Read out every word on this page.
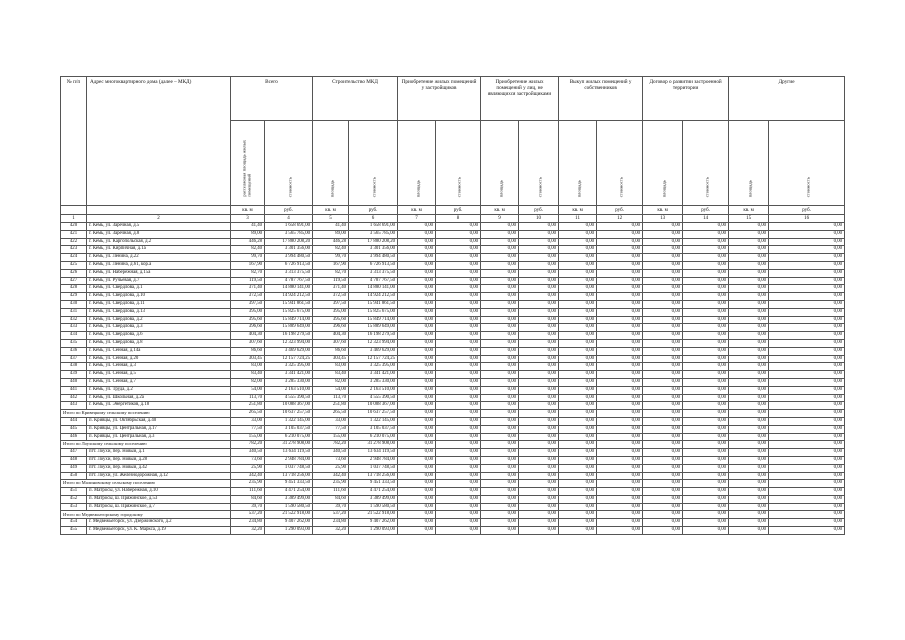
№ п/п	Адрес многоквартирного дома (далее – МКД)	Всего		Строительство МКД		Приобретение жилых помещений у застройщиков		Приобретение жилых помещений у лиц, не являющихся застройщиками		Выкуп жилых помещений у собственников		Договор о развитии застроенной территории		Другие	

		расселяемая площадь жилых помещений	стоимость	площадь	стоимость	площадь	стоимость	площадь	стоимость	площадь	стоимость	площадь	стоимость	площадь	стоимость

		кв. м	руб.	кв. м	руб.	кв. м	руб.	кв. м	руб.	кв. м	руб.	кв. м	руб.	кв. м	руб.
1	2	3	4	5	6	7	8	9	10	11	12	13	14	15	16
420	г. Кемь, ул. Заречная, д.5	41,40	1 658 691,00	41,40	1 658 691,00	0,00	0,00	0,00	0,00	0,00	0,00	0,00	0,00	0,00	0,00
421	г. Кемь, ул. Заречная, д.8	89,00	3 565 785,00	89,00	3 565 785,00	0,00	0,00	0,00	0,00	0,00	0,00	0,00	0,00	0,00	0,00
422	г. Кемь, ул. Каргопольская, д.2	446,28	17 880 208,20	446,28	17 880 208,20	0,00	0,00	0,00	0,00	0,00	0,00	0,00	0,00	0,00	0,00
423	г. Кемь, ул. Кирпичная, д.1а	82,40	3 301 356,00	82,40	3 301 356,00	0,00	0,00	0,00	0,00	0,00	0,00	0,00	0,00	0,00	0,00
424	г. Кемь, ул. Ленина, д.22	99,70	3 994 480,50	99,70	3 994 480,50	0,00	0,00	0,00	0,00	0,00	0,00	0,00	0,00	0,00	0,00
425	г. Кемь, ул. Ленина, д.61, кор.а	167,90	6 726 913,50	167,90	6 726 913,50	0,00	0,00	0,00	0,00	0,00	0,00	0,00	0,00	0,00	0,00
426	г. Кемь, ул. Набережная, д.15а	82,70	3 313 375,50	82,70	3 313 375,50	0,00	0,00	0,00	0,00	0,00	0,00	0,00	0,00	0,00	0,00
427	г. Кемь, ул. Ручьевая, д.7	119,50	4 787 767,50	119,50	4 787 767,50	0,00	0,00	0,00	0,00	0,00	0,00	0,00	0,00	0,00	0,00
428	г. Кемь, ул. Свердлова, д.1	371,40	14 880 141,00	371,40	14 880 141,00	0,00	0,00	0,00	0,00	0,00	0,00	0,00	0,00	0,00	0,00
429	г. Кемь, ул. Свердлова, д.10	372,50	14 924 212,50	372,50	14 924 212,50	0,00	0,00	0,00	0,00	0,00	0,00	0,00	0,00	0,00	0,00
430	г. Кемь, ул. Свердлова, д.11	397,50	15 941 861,50	397,50	15 941 861,50	0,00	0,00	0,00	0,00	0,00	0,00	0,00	0,00	0,00	0,00
431	г. Кемь, ул. Свердлова, д.13	395,00	15 825 675,00	395,00	15 825 675,00	0,00	0,00	0,00	0,00	0,00	0,00	0,00	0,00	0,00	0,00
432	г. Кемь, ул. Свердлова, д.2	395,60	15 849 714,00	395,60	15 849 714,00	0,00	0,00	0,00	0,00	0,00	0,00	0,00	0,00	0,00	0,00
433	г. Кемь, ул. Свердлова, д.3	396,60	15 889 649,00	396,60	15 889 649,00	0,00	0,00	0,00	0,00	0,00	0,00	0,00	0,00	0,00	0,00
434	г. Кемь, ул. Свердлова, д.6	404,30	16 198 279,50	404,30	16 198 279,50	0,00	0,00	0,00	0,00	0,00	0,00	0,00	0,00	0,00	0,00
435	г. Кемь, ул. Свердлова, д.8	307,60	12 323 994,00	307,60	12 323 994,00	0,00	0,00	0,00	0,00	0,00	0,00	0,00	0,00	0,00	0,00
436	г. Кемь, ул. Сенная, д.14а	86,60	3 469 629,00	86,60	3 469 629,00	0,00	0,00	0,00	0,00	0,00	0,00	0,00	0,00	0,00	0,00
437	г. Кемь, ул. Сенная, д.20	303,45	12 157 724,25	303,45	12 157 724,25	0,00	0,00	0,00	0,00	0,00	0,00	0,00	0,00	0,00	0,00
438	г. Кемь, ул. Сенная, д.3	83,00	3 325 395,00	83,00	3 325 395,00	0,00	0,00	0,00	0,00	0,00	0,00	0,00	0,00	0,00	0,00
439	г. Кемь, ул. Сенная, д.5	83,40	3 341 421,00	83,40	3 341 421,00	0,00	0,00	0,00	0,00	0,00	0,00	0,00	0,00	0,00	0,00
440	г. Кемь, ул. Сенная, д.7	82,00	3 285 330,00	82,00	3 285 330,00	0,00	0,00	0,00	0,00	0,00	0,00	0,00	0,00	0,00	0,00
441	г. Кемь, ул. Труда, д.2	54,00	2 163 510,00	54,00	2 163 510,00	0,00	0,00	0,00	0,00	0,00	0,00	0,00	0,00	0,00	0,00
442	г. Кемь, ул. Школьная, д.2а	113,70	4 555 390,50	113,70	4 555 390,50	0,00	0,00	0,00	0,00	0,00	0,00	0,00	0,00	0,00	0,00
443	г. Кемь, ул. Энергетиков, д.18	251,80	10 088 367,00	251,80	10 088 367,00	0,00	0,00	0,00	0,00	0,00	0,00	0,00	0,00	0,00	0,00
Итого по Кривецкому сельскому поселению		265,50	10 637 257,50	265,50	10 637 257,50	0,00	0,00	0,00	0,00	0,00	0,00	0,00	0,00	0,00	0,00
444	п. Кривцы, ул. Октябрьская, д.40	33,00	1 322 145,00	33,00	1 322 145,00	0,00	0,00	0,00	0,00	0,00	0,00	0,00	0,00	0,00	0,00
445	п. Кривцы, ул. Центральная, д.17	77,50	3 105 037,50	77,50	3 105 037,50	0,00	0,00	0,00	0,00	0,00	0,00	0,00	0,00	0,00	0,00
446	п. Кривцы, ул. Центральная, д.3	155,00	6 210 075,00	155,00	6 210 075,00	0,00	0,00	0,00	0,00	0,00	0,00	0,00	0,00	0,00	0,00
Итого по Лоухскому сельскому поселению		782,20	31 278 908,00	782,20	31 278 908,00	0,00	0,00	0,00	0,00	0,00	0,00	0,00	0,00	0,00	0,00
447	пгт. Лоухи, пер. Новый, д.1	340,50	13 634 119,50	340,50	13 634 119,50	0,00	0,00	0,00	0,00	0,00	0,00	0,00	0,00	0,00	0,00
448	пгт. Лоухи, пер. Новый, д.28	73,60	2 948 784,00	73,60	2 948 784,00	0,00	0,00	0,00	0,00	0,00	0,00	0,00	0,00	0,00	0,00
449	пгт. Лоухи, пер. Новый, д.42	25,90	1 037 748,50	25,90	1 037 748,50	0,00	0,00	0,00	0,00	0,00	0,00	0,00	0,00	0,00	0,00
450	пгт. Лоухи, ул. Железнодорожная, д.12	342,40	13 718 256,00	342,40	13 718 256,00	0,00	0,00	0,00	0,00	0,00	0,00	0,00	0,00	0,00	0,00
Итого по Малиновскому сельскому поселению		235,90	9 451 333,50	235,90	9 451 333,50	0,00	0,00	0,00	0,00	0,00	0,00	0,00	0,00	0,00	0,00
451	п. Матросы, ул. Набережная, д.10	111,60	4 471 254,00	111,60	4 471 254,00	0,00	0,00	0,00	0,00	0,00	0,00	0,00	0,00	0,00	0,00
452	п. Матросы, ш. Пряжинское, д.53	84,60	3 389 499,00	84,60	3 389 499,00	0,00	0,00	0,00	0,00	0,00	0,00	0,00	0,00	0,00	0,00
453	п. Матросы, ш. Пряжинское, д.7	39,70	1 590 580,50	39,70	1 590 580,50	0,00	0,00	0,00	0,00	0,00	0,00	0,00	0,00	0,00	0,00
Итого по Медвежьегорскому городскому		537,20	21 522 918,00	537,20	21 522 918,00	0,00	0,00	0,00	0,00	0,00	0,00	0,00	0,00	0,00	0,00
454	г. Медвежьегорск, ул. Дзержинского, д.2	234,80	9 407 262,00	234,80	9 407 262,00	0,00	0,00	0,00	0,00	0,00	0,00	0,00	0,00	0,00	0,00
455	г. Медвежьегорск, ул. К. Маркса, д.19	32,20	1 290 093,00	32,20	1 290 093,00	0,00	0,00	0,00	0,00	0,00	0,00	0,00	0,00	0,00	0,00
